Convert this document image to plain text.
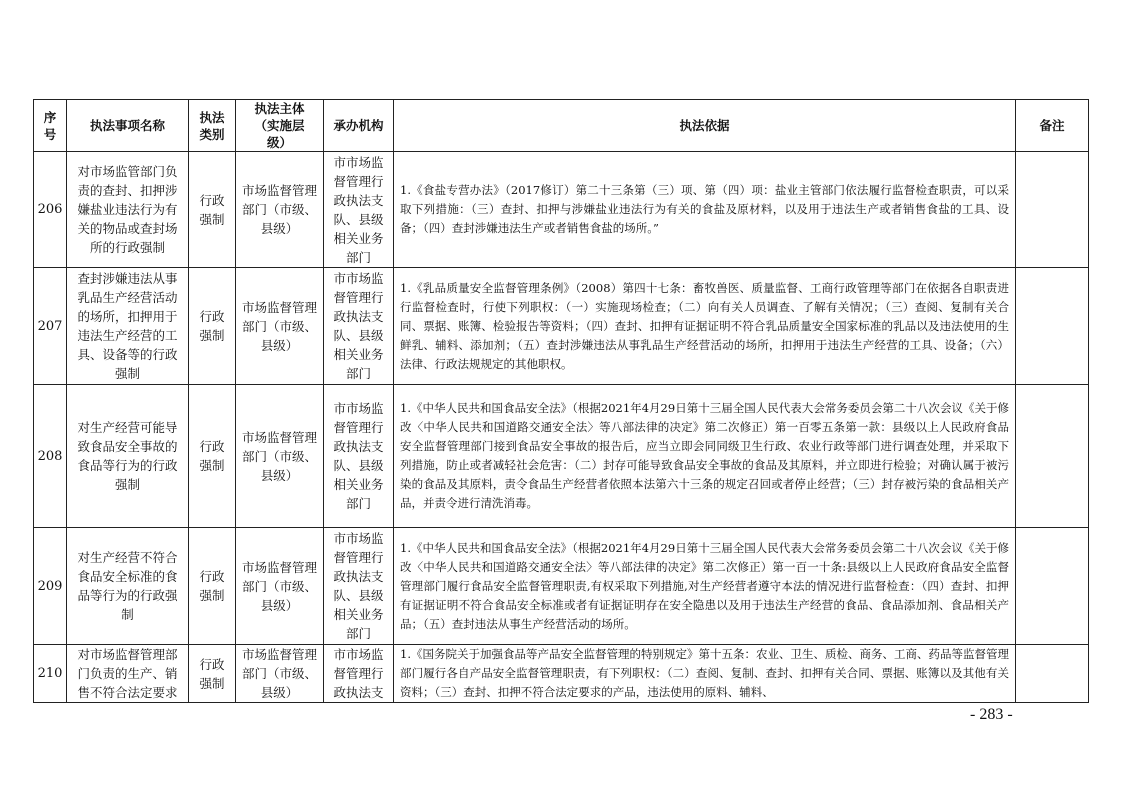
序号	执法事项名称	执法类别	执法主体（实施层级）	承办机构	执法依据	备注
206	对市场监管部门负责的查封、扣押涉嫌盐业违法行为有关的物品或查封场所的行政强制	行政强制	市场监督管理部门（市级、县级）	市市场监督管理行政执法支队、县级相关业务部门	1.《食盐专营办法》（2017修订）第二十三条第（三）项、第（四）项：盐业主管部门依法履行监督检查职责，可以采取下列措施：（三）查封、扣押与涉嫌盐业违法行为有关的食盐及原材料，以及用于违法生产或者销售食盐的工具、设备；（四）查封涉嫌违法生产或者销售食盐的场所。”	
207	查封涉嫌违法从事乳品生产经营活动的场所，扣押用于违法生产经营的工具、设备等的行政强制	行政强制	市场监督管理部门（市级、县级）	市市场监督管理行政执法支队、县级相关业务部门	1.《乳品质量安全监督管理条例》（2008）第四十七条：畜牧兽医、质量监督、工商行政管理等部门在依据各自职责进行监督检查时，行使下列职权：（一）实施现场检查；（二）向有关人员调查、了解有关情况；（三）查阅、复制有关合同、票据、账簿、检验报告等资料；（四）查封、扣押有证据证明不符合乳品质量安全国家标准的乳品以及违法使用的生鲜乳、辅料、添加剂；（五）查封涉嫌违法从事乳品生产经营活动的场所，扣押用于违法生产经营的工具、设备；（六）法律、行政法规规定的其他职权。	
208	对生产经营可能导致食品安全事故的食品等行为的行政强制	行政强制	市场监督管理部门（市级、县级）	市市场监督管理行政执法支队、县级相关业务部门	1.《中华人民共和国食品安全法》（根据2021年4月29日第十三届全国人民代表大会常务委员会第二十八次会议《关于修改〈中华人民共和国道路交通安全法〉等八部法律的决定》第二次修正）第一百零五条第一款：县级以上人民政府食品安全监督管理部门接到食品安全事故的报告后，应当立即会同同级卫生行政、农业行政等部门进行调查处理，并采取下列措施，防止或者减轻社会危害：（二）封存可能导致食品安全事故的食品及其原料，并立即进行检验；对确认属于被污染的食品及其原料，责令食品生产经营者依照本法第六十三条的规定召回或者停止经营；（三）封存被污染的食品相关产品，并责令进行清洗消毒。	
209	对生产经营不符合食品安全标准的食品等行为的行政强制	行政强制	市场监督管理部门（市级、县级）	市市场监督管理行政执法支队、县级相关业务部门	1.《中华人民共和国食品安全法》（根据2021年4月29日第十三届全国人民代表大会常务委员会第二十八次会议《关于修改〈中华人民共和国道路交通安全法〉等八部法律的决定》第二次修正）第一百一十条:县级以上人民政府食品安全监督管理部门履行食品安全监督管理职责,有权采取下列措施,对生产经营者遵守本法的情况进行监督检查：（四）查封、扣押有证据证明不符合食品安全标准或者有证据证明存在安全隐患以及用于违法生产经营的食品、食品添加剂、食品相关产品；（五）查封违法从事生产经营活动的场所。	
210	对市场监督管理部门负责的生产、销售不符合法定要求	行政强制	市场监督管理部门（市级、县级）	市市场监督管理行政执法支	1.《国务院关于加强食品等产品安全监督管理的特别规定》第十五条：农业、卫生、质检、商务、工商、药品等监督管理部门履行各自产品安全监督管理职责，有下列职权：（二）查阅、复制、查封、扣押有关合同、票据、账簿以及其他有关资料；（三）查封、扣押不符合法定要求的产品，违法使用的原料、辅料、	
- 283 -
